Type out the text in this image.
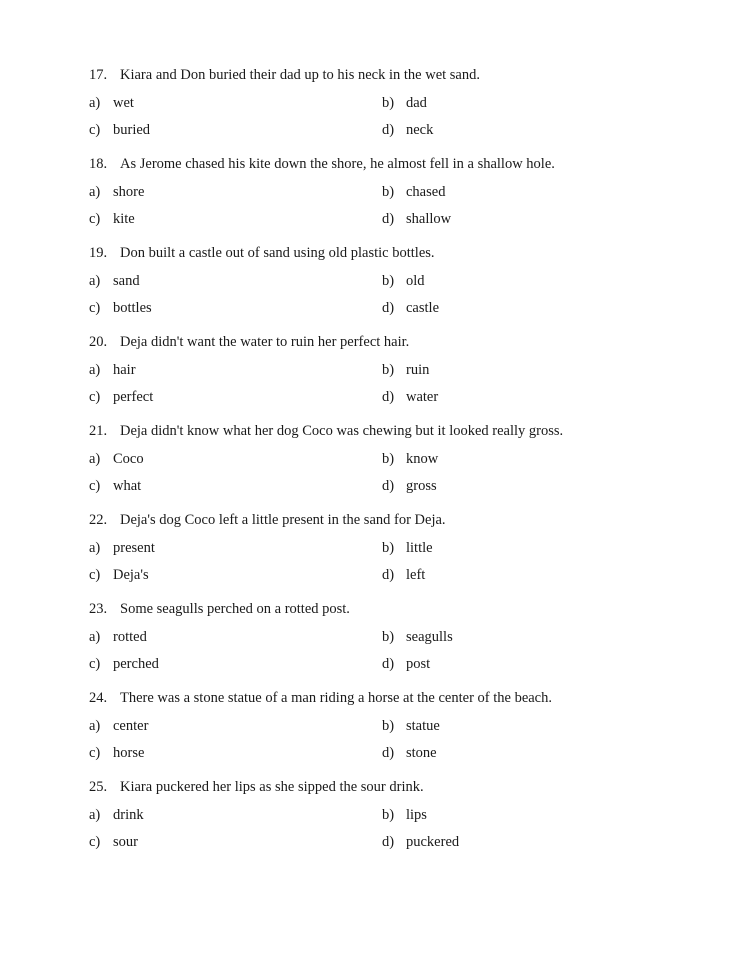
17. Kiara and Don buried their dad up to his neck in the wet sand.
a) wet	b) dad
c) buried	d) neck
18. As Jerome chased his kite down the shore, he almost fell in a shallow hole.
a) shore	b) chased
c) kite	d) shallow
19. Don built a castle out of sand using old plastic bottles.
a) sand	b) old
c) bottles	d) castle
20. Deja didn't want the water to ruin her perfect hair.
a) hair	b) ruin
c) perfect	d) water
21. Deja didn't know what her dog Coco was chewing but it looked really gross.
a) Coco	b) know
c) what	d) gross
22. Deja's dog Coco left a little present in the sand for Deja.
a) present	b) little
c) Deja's	d) left
23. Some seagulls perched on a rotted post.
a) rotted	b) seagulls
c) perched	d) post
24. There was a stone statue of a man riding a horse at the center of the beach.
a) center	b) statue
c) horse	d) stone
25. Kiara puckered her lips as she sipped the sour drink.
a) drink	b) lips
c) sour	d) puckered
